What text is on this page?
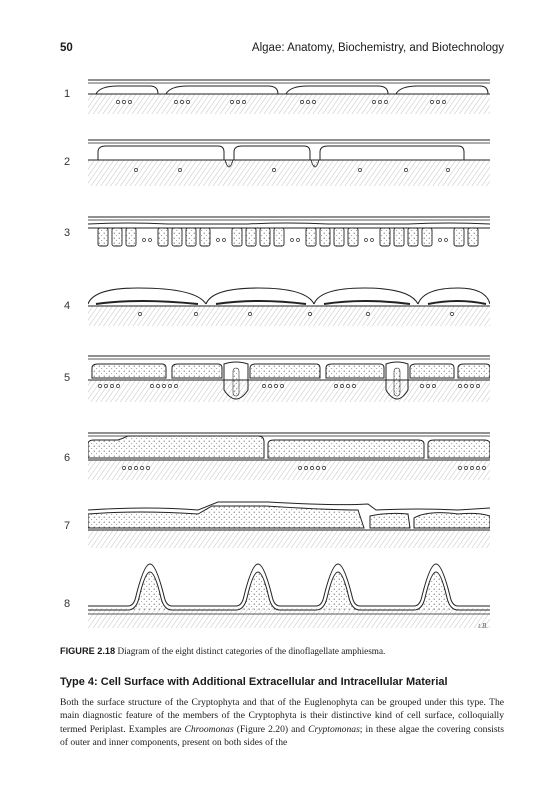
50	Algae: Anatomy, Biochemistry, and Biotechnology
1
2
3
4
5
6
7
8
t.B.
FIGURE 2.18 Diagram of the eight distinct categories of the dinoflagellate amphiesma.
Type 4: Cell Surface with Additional Extracellular and Intracellular Material
Both the surface structure of the Cryptophyta and that of the Euglenophyta can be grouped under this type. The main diagnostic feature of the members of the Cryptophyta is their distinctive kind of cell surface, colloquially termed Periplast. Examples are Chroomonas (Figure 2.20) and Cryptomonas; in these algae the covering consists of outer and inner components, present on both sides of the
